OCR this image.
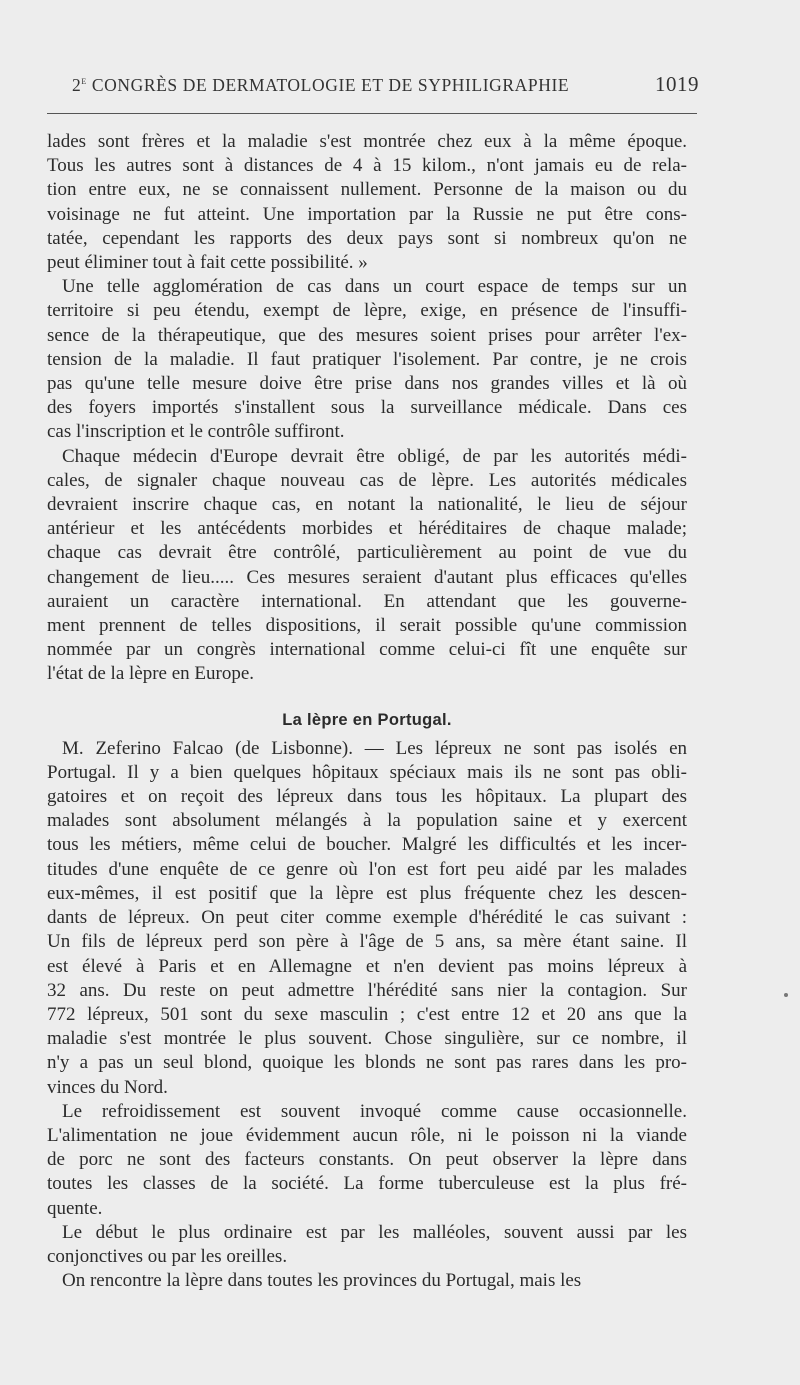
2e CONGRÈS DE DERMATOLOGIE ET DE SYPHILIGRAPHIE	1019
lades sont frères et la maladie s'est montrée chez eux à la même époque.
Tous les autres sont à distances de 4 à 15 kilom., n'ont jamais eu de rela-
tion entre eux, ne se connaissent nullement. Personne de la maison ou du
voisinage ne fut atteint. Une importation par la Russie ne put être cons-
tatée, cependant les rapports des deux pays sont si nombreux qu'on ne
peut éliminer tout à fait cette possibilité. »
Une telle agglomération de cas dans un court espace de temps sur un
territoire si peu étendu, exempt de lèpre, exige, en présence de l'insuffi-
sence de la thérapeutique, que des mesures soient prises pour arrêter l'ex-
tension de la maladie. Il faut pratiquer l'isolement. Par contre, je ne crois
pas qu'une telle mesure doive être prise dans nos grandes villes et là où
des foyers importés s'installent sous la surveillance médicale. Dans ces
cas l'inscription et le contrôle suffiront.
Chaque médecin d'Europe devrait être obligé, de par les autorités médi-
cales, de signaler chaque nouveau cas de lèpre. Les autorités médicales
devraient inscrire chaque cas, en notant la nationalité, le lieu de séjour
antérieur et les antécédents morbides et héréditaires de chaque malade;
chaque cas devrait être contrôlé, particulièrement au point de vue du
changement de lieu..... Ces mesures seraient d'autant plus efficaces qu'elles
auraient un caractère international. En attendant que les gouverne-
ment prennent de telles dispositions, il serait possible qu'une commission
nommée par un congrès international comme celui-ci fît une enquête sur
l'état de la lèpre en Europe.
La lèpre en Portugal.
M. Zeferino Falcao (de Lisbonne). — Les lépreux ne sont pas isolés en
Portugal. Il y a bien quelques hôpitaux spéciaux mais ils ne sont pas obli-
gatoires et on reçoit des lépreux dans tous les hôpitaux. La plupart des
malades sont absolument mélangés à la population saine et y exercent
tous les métiers, même celui de boucher. Malgré les difficultés et les incer-
titudes d'une enquête de ce genre où l'on est fort peu aidé par les malades
eux-mêmes, il est positif que la lèpre est plus fréquente chez les descen-
dants de lépreux. On peut citer comme exemple d'hérédité le cas suivant :
Un fils de lépreux perd son père à l'âge de 5 ans, sa mère étant saine. Il
est élevé à Paris et en Allemagne et n'en devient pas moins lépreux à
32 ans. Du reste on peut admettre l'hérédité sans nier la contagion. Sur
772 lépreux, 501 sont du sexe masculin ; c'est entre 12 et 20 ans que la
maladie s'est montrée le plus souvent. Chose singulière, sur ce nombre, il
n'y a pas un seul blond, quoique les blonds ne sont pas rares dans les pro-
vinces du Nord.
Le refroidissement est souvent invoqué comme cause occasionnelle.
L'alimentation ne joue évidemment aucun rôle, ni le poisson ni la viande
de porc ne sont des facteurs constants. On peut observer la lèpre dans
toutes les classes de la société. La forme tuberculeuse est la plus fré-
quente.
Le début le plus ordinaire est par les malléoles, souvent aussi par les
conjonctives ou par les oreilles.
On rencontre la lèpre dans toutes les provinces du Portugal, mais les
